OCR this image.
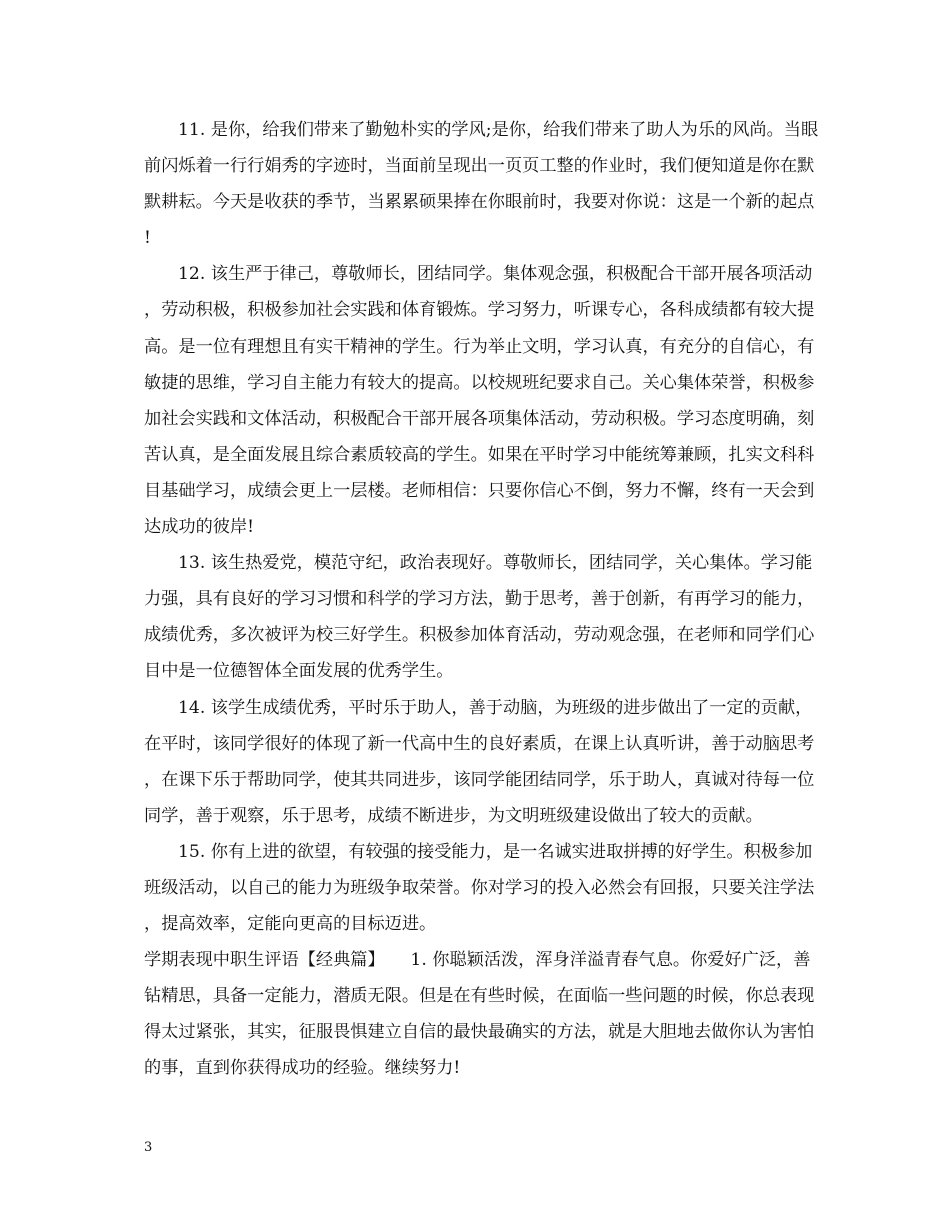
11. 是你，给我们带来了勤勉朴实的学风;是你，给我们带来了助人为乐的风尚。当眼前闪烁着一行行娟秀的字迹时，当面前呈现出一页页工整的作业时，我们便知道是你在默默耕耘。今天是收获的季节，当累累硕果捧在你眼前时，我要对你说：这是一个新的起点!

12. 该生严于律己，尊敬师长，团结同学。集体观念强，积极配合干部开展各项活动，劳动积极，积极参加社会实践和体育锻炼。学习努力，听课专心，各科成绩都有较大提高。是一位有理想且有实干精神的学生。行为举止文明，学习认真，有充分的自信心，有敏捷的思维，学习自主能力有较大的提高。以校规班纪要求自己。关心集体荣誉，积极参加社会实践和文体活动，积极配合干部开展各项集体活动，劳动积极。学习态度明确，刻苦认真，是全面发展且综合素质较高的学生。如果在平时学习中能统筹兼顾，扎实文科科目基础学习，成绩会更上一层楼。老师相信：只要你信心不倒，努力不懈，终有一天会到达成功的彼岸!

13. 该生热爱党，模范守纪，政治表现好。尊敬师长，团结同学，关心集体。学习能力强，具有良好的学习习惯和科学的学习方法，勤于思考，善于创新，有再学习的能力，成绩优秀，多次被评为校三好学生。积极参加体育活动，劳动观念强，在老师和同学们心目中是一位德智体全面发展的优秀学生。

14. 该学生成绩优秀，平时乐于助人，善于动脑，为班级的进步做出了一定的贡献，在平时，该同学很好的体现了新一代高中生的良好素质，在课上认真听讲，善于动脑思考，在课下乐于帮助同学，使其共同进步，该同学能团结同学，乐于助人，真诚对待每一位同学，善于观察，乐于思考，成绩不断进步，为文明班级建设做出了较大的贡献。

15. 你有上进的欲望，有较强的接受能力，是一名诚实进取拼搏的好学生。积极参加班级活动，以自己的能力为班级争取荣誉。你对学习的投入必然会有回报，只要关注学法，提高效率，定能向更高的目标迈进。

学期表现中职生评语【经典篇】　　1. 你聪颖活泼，浑身洋溢青春气息。你爱好广泛，善钻精思，具备一定能力，潜质无限。但是在有些时候，在面临一些问题的时候，你总表现得太过紧张，其实，征服畏惧建立自信的最快最确实的方法，就是大胆地去做你认为害怕的事，直到你获得成功的经验。继续努力!

3
